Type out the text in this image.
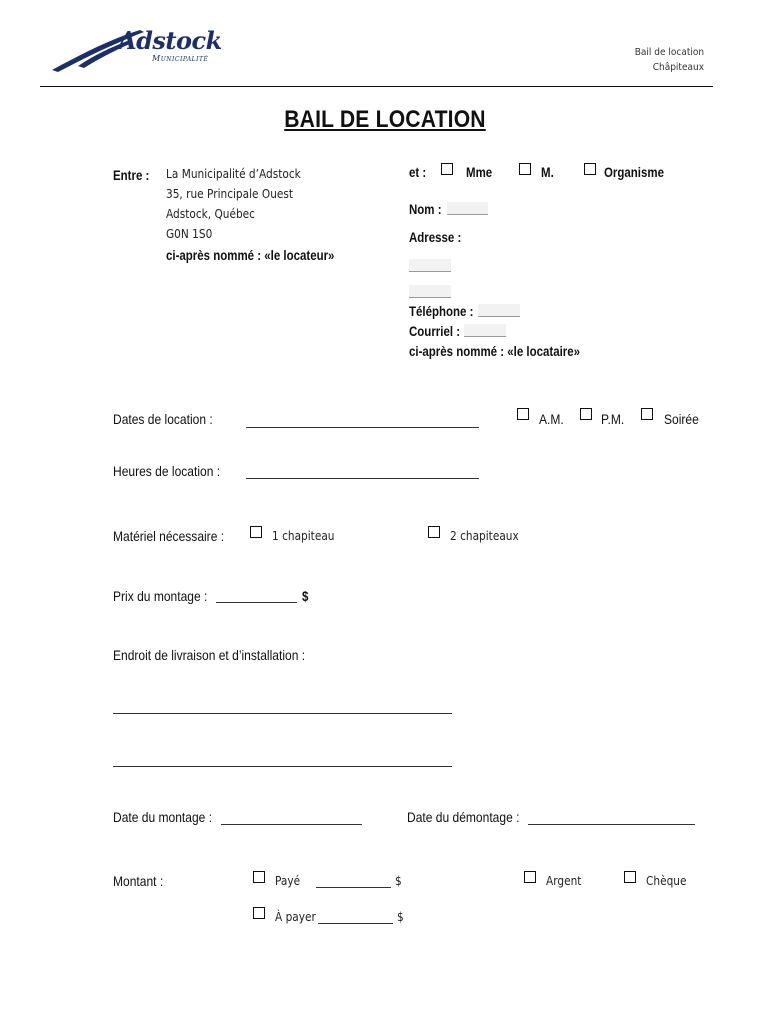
Adstock
Municipalité
Bail de location
Châpiteaux
BAIL DE LOCATION
Entre : La Municipalité d’Adstock
35, rue Principale Ouest
Adstock, Québec
G0N 1S0
ci-après nommé : «le locateur»
et :	Mme	M.	Organisme
Nom :
Adresse :
Téléphone :
Courriel :
ci-après nommé : «le locataire»
Dates de location :	A.M.	P.M.	Soirée
Heures de location :
Matériel nécessaire :	1 chapiteau	2 chapiteaux
Prix du montage :	$
Endroit de livraison et d’installation :
Date du montage :	Date du démontage :
Montant :	Payé	$	Argent	Chèque
À payer	$
